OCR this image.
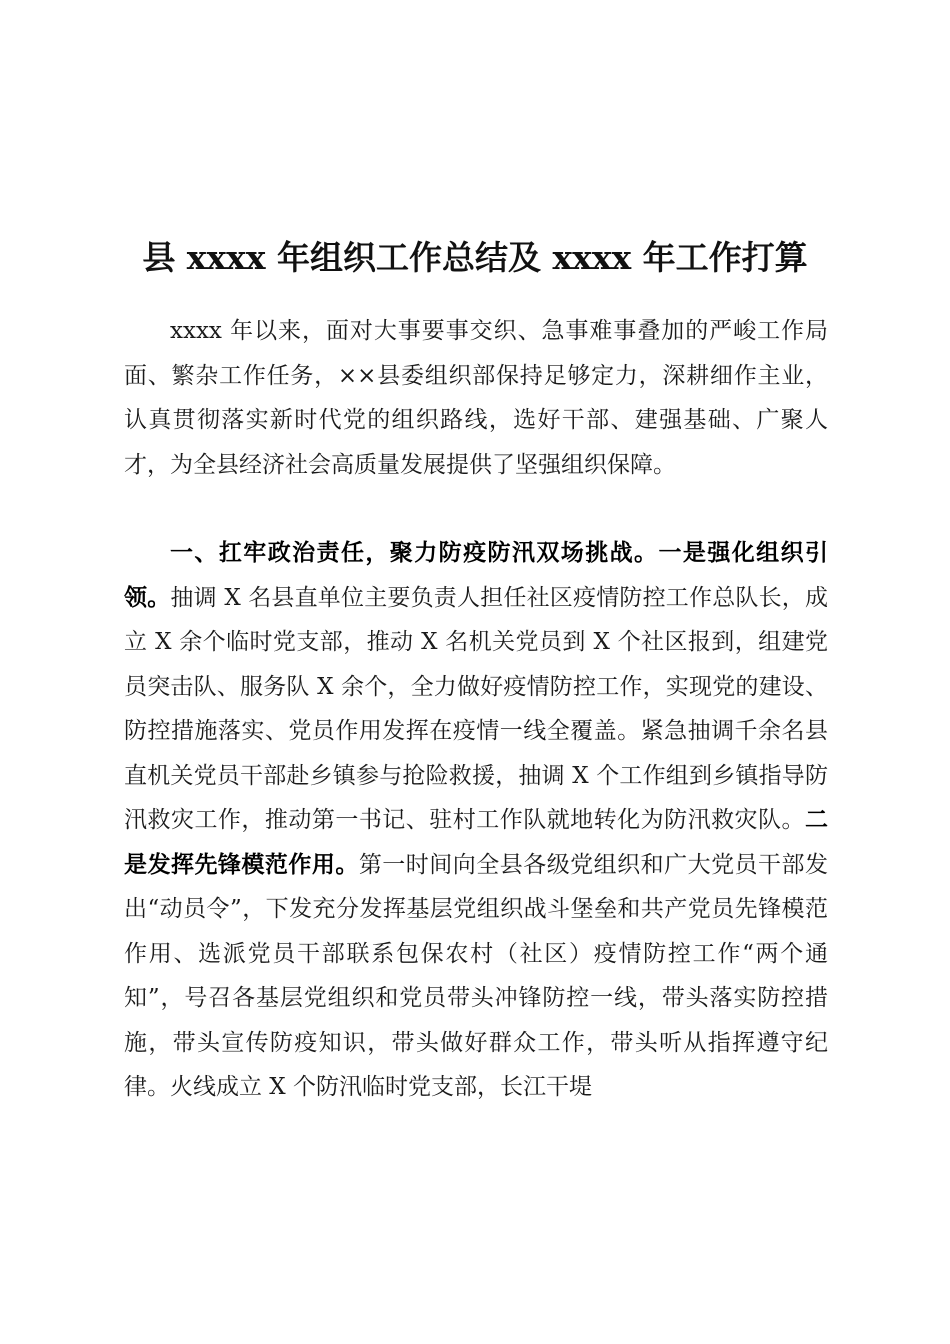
县 xxxx 年组织工作总结及 xxxx 年工作打算

xxxx 年以来，面对大事要事交织、急事难事叠加的严峻工作局面、繁杂工作任务，××县委组织部保持足够定力，深耕细作主业，认真贯彻落实新时代党的组织路线，选好干部、建强基础、广聚人才，为全县经济社会高质量发展提供了坚强组织保障。

一、扛牢政治责任，聚力防疫防汛双场挑战。一是强化组织引领。抽调 X 名县直单位主要负责人担任社区疫情防控工作总队长，成立 X 余个临时党支部，推动 X 名机关党员到 X 个社区报到，组建党员突击队、服务队 X 余个，全力做好疫情防控工作，实现党的建设、防控措施落实、党员作用发挥在疫情一线全覆盖。紧急抽调千余名县直机关党员干部赴乡镇参与抢险救援，抽调 X 个工作组到乡镇指导防汛救灾工作，推动第一书记、驻村工作队就地转化为防汛救灾队。二是发挥先锋模范作用。第一时间向全县各级党组织和广大党员干部发出“动员令”，下发充分发挥基层党组织战斗堡垒和共产党员先锋模范作用、选派党员干部联系包保农村（社区）疫情防控工作“两个通知”，号召各基层党组织和党员带头冲锋防控一线，带头落实防控措施，带头宣传防疫知识，带头做好群众工作，带头听从指挥遵守纪律。火线成立 X 个防汛临时党支部，长江干堤
